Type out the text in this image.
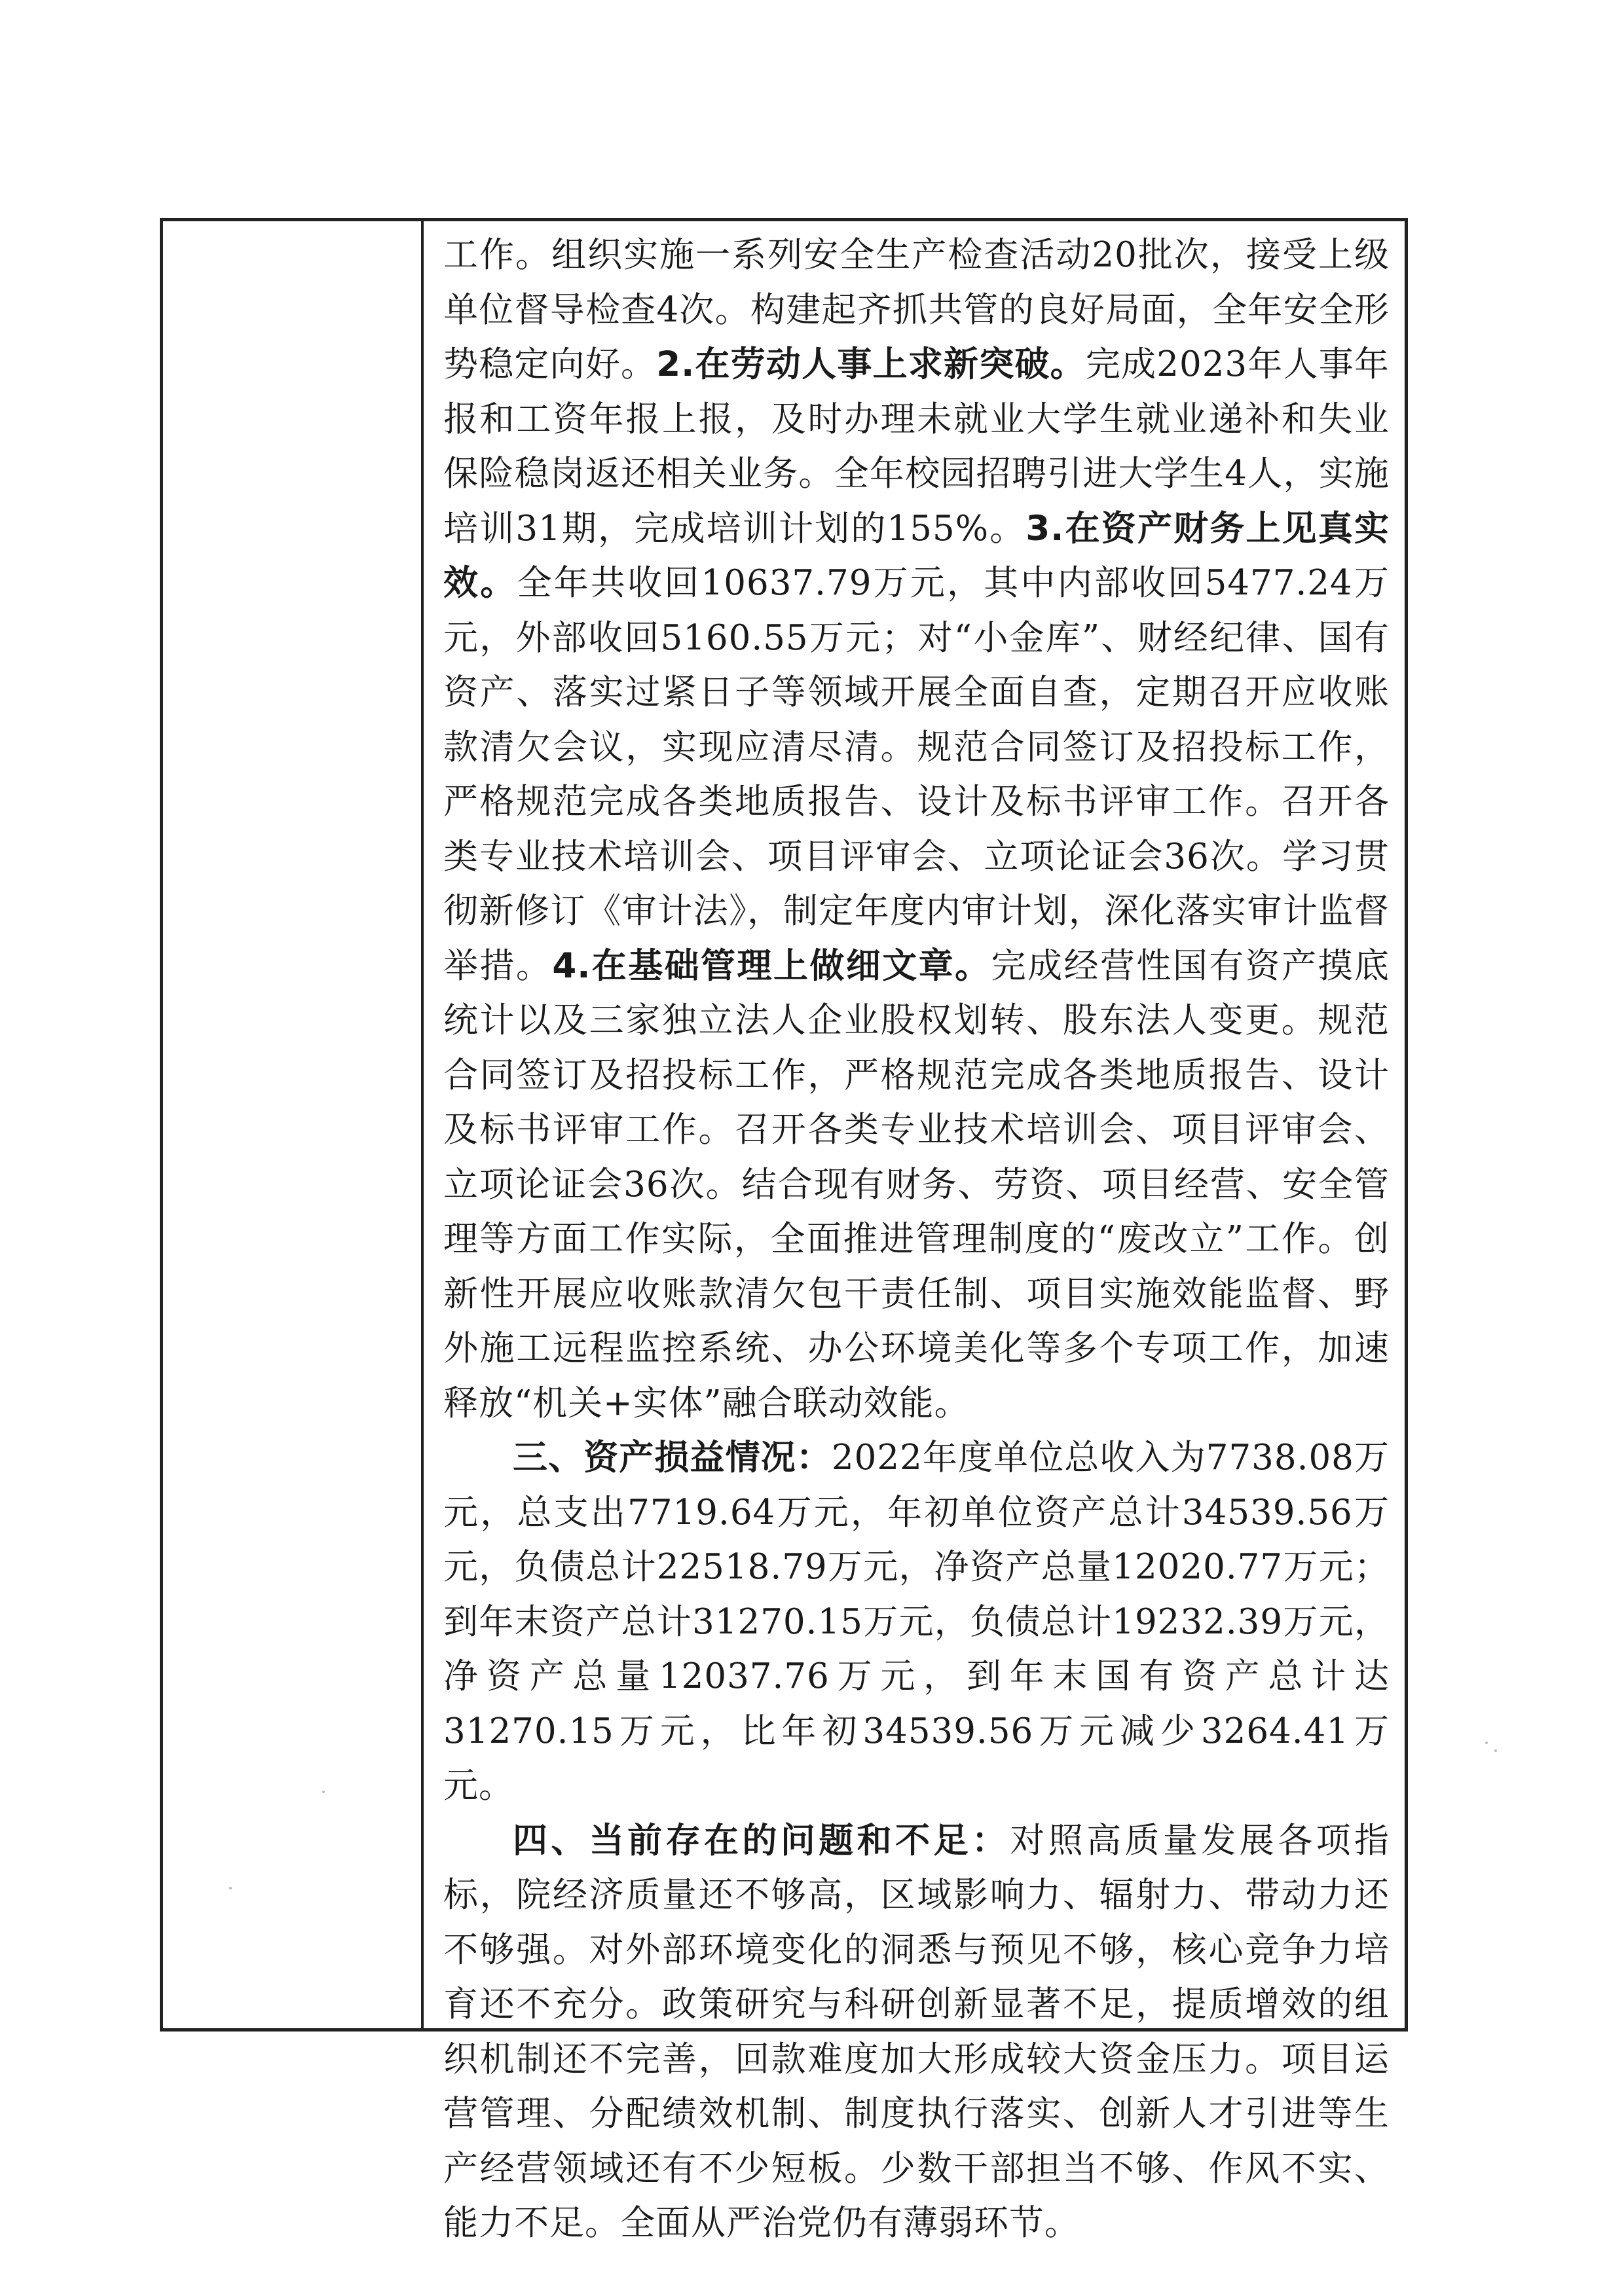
工作。组织实施一系列安全生产检查活动20批次，接受上级单位督导检查4次。构建起齐抓共管的良好局面，全年安全形势稳定向好。2.在劳动人事上求新突破。完成2023年人事年报和工资年报上报，及时办理未就业大学生就业递补和失业保险稳岗返还相关业务。全年校园招聘引进大学生4人，实施培训31期，完成培训计划的155%。3.在资产财务上见真实效。全年共收回10637.79万元，其中内部收回5477.24万元，外部收回5160.55万元；对“小金库”、财经纪律、国有资产、落实过紧日子等领域开展全面自查，定期召开应收账款清欠会议，实现应清尽清。规范合同签订及招投标工作，严格规范完成各类地质报告、设计及标书评审工作。召开各类专业技术培训会、项目评审会、立项论证会36次。学习贯彻新修订《审计法》，制定年度内审计划，深化落实审计监督举措。4.在基础管理上做细文章。完成经营性国有资产摸底统计以及三家独立法人企业股权划转、股东法人变更。规范合同签订及招投标工作，严格规范完成各类地质报告、设计及标书评审工作。召开各类专业技术培训会、项目评审会、立项论证会36次。结合现有财务、劳资、项目经营、安全管理等方面工作实际，全面推进管理制度的“废改立”工作。创新性开展应收账款清欠包干责任制、项目实施效能监督、野外施工远程监控系统、办公环境美化等多个专项工作，加速释放“机关+实体”融合联动效能。

三、资产损益情况：2022年度单位总收入为7738.08万元，总支出7719.64万元，年初单位资产总计34539.56万元，负债总计22518.79万元，净资产总量12020.77万元；到年末资产总计31270.15万元，负债总计19232.39万元，净资产总量12037.76万元，到年末国有资产总计达31270.15万元，比年初34539.56万元减少3264.41万元。

四、当前存在的问题和不足：对照高质量发展各项指标，院经济质量还不够高，区域影响力、辐射力、带动力还不够强。对外部环境变化的洞悉与预见不够，核心竞争力培育还不充分。政策研究与科研创新显著不足，提质增效的组织机制还不完善，回款难度加大形成较大资金压力。项目运营管理、分配绩效机制、制度执行落实、创新人才引进等生产经营领域还有不少短板。少数干部担当不够、作风不实、能力不足。全面从严治党仍有薄弱环节。
